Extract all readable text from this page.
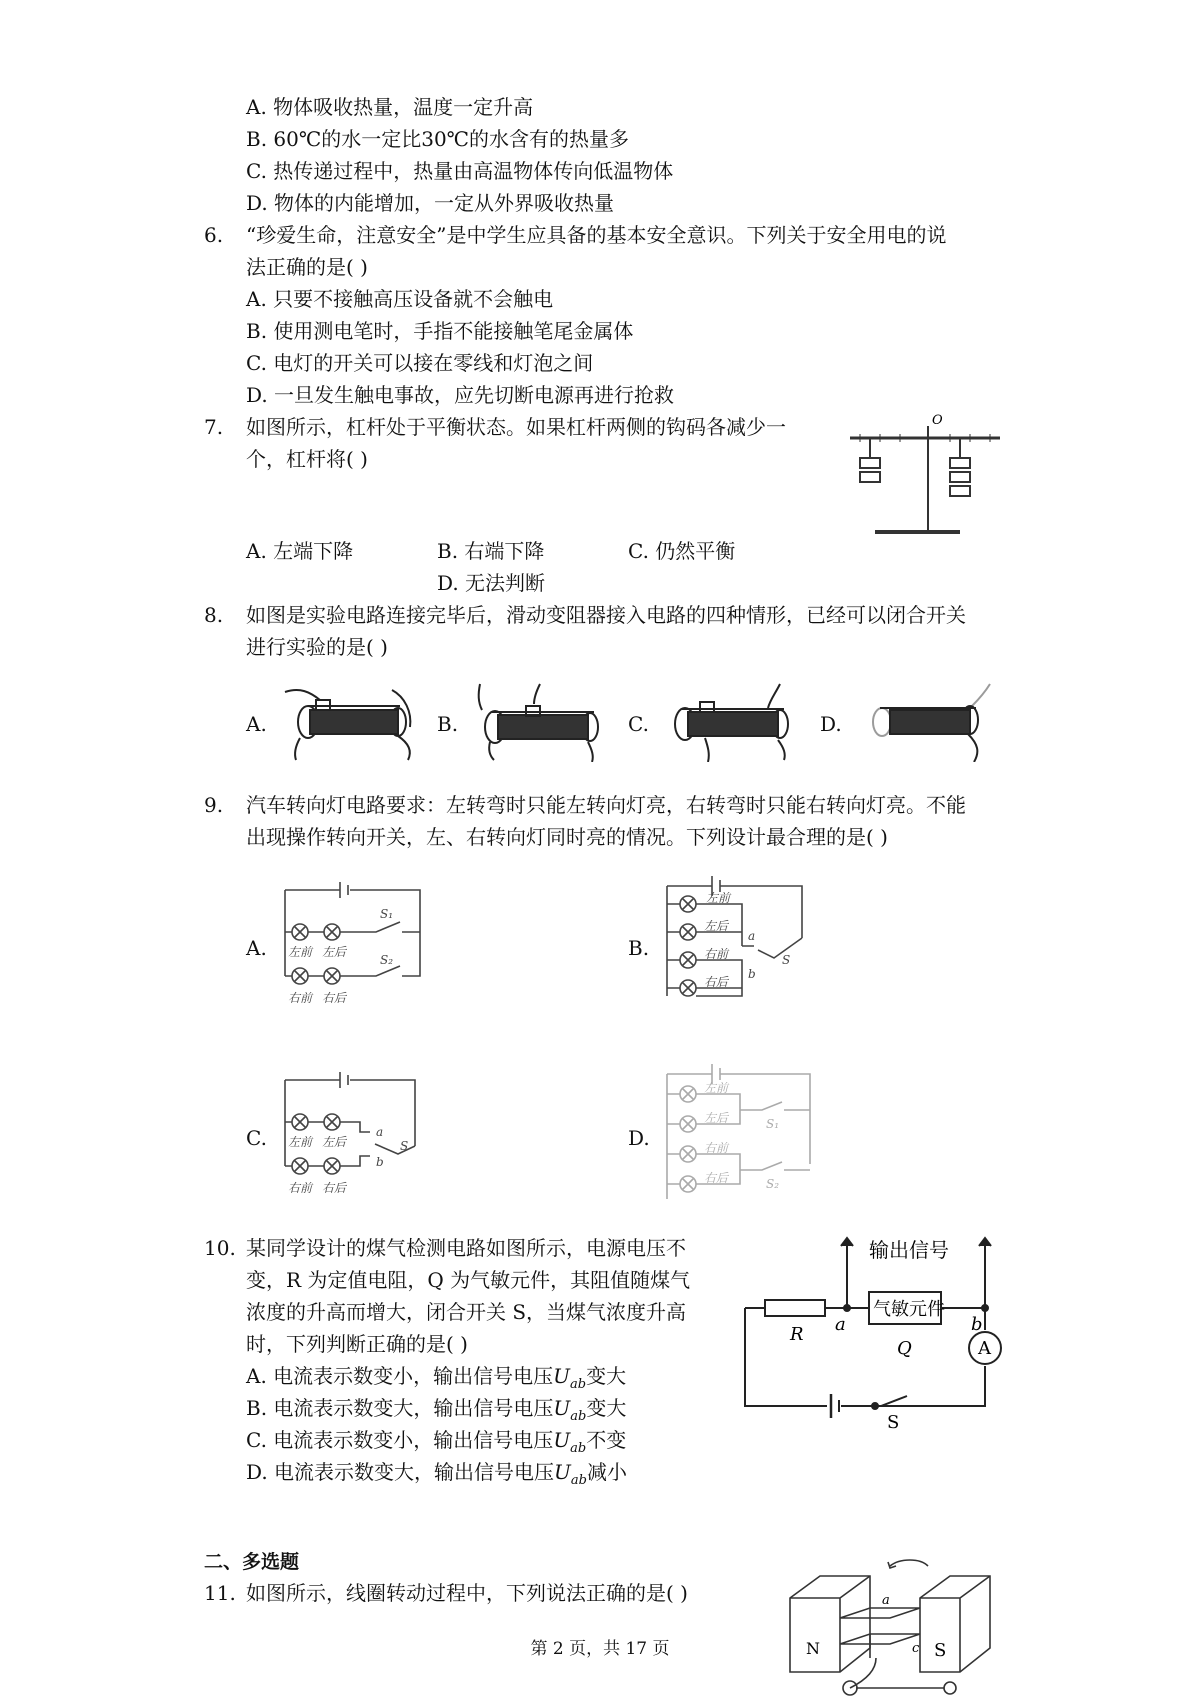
A. 物体吸收热量，温度一定升高
B. 60℃的水一定比30℃的水含有的热量多
C. 热传递过程中，热量由高温物体传向低温物体
D. 物体的内能增加，一定从外界吸收热量
6. “珍爱生命，注意安全”是中学生应具备的基本安全意识。下列关于安全用电的说
法正确的是( )
A. 只要不接触高压设备就不会触电
B. 使用测电笔时，手指不能接触笔尾金属体
C. 电灯的开关可以接在零线和灯泡之间
D. 一旦发生触电事故，应先切断电源再进行抢救
7. 如图所示，杠杆处于平衡状态。如果杠杆两侧的钩码各减少一
个，杠杆将( )
A. 左端下降	B. 右端下降	C. 仍然平衡
D. 无法判断
O
8. 如图是实验电路连接完毕后，滑动变阻器接入电路的四种情形，已经可以闭合开关
进行实验的是( )
A.	B.	C.	D.
9. 汽车转向灯电路要求：左转弯时只能左转向灯亮，右转弯时只能右转向灯亮。不能
出现操作转向开关，左、右转向灯同时亮的情况。下列设计最合理的是( )
A.	B.
C.	D.
左前 左后
右前 右后
S₁
S₂
左前
左后
右前
右后
a
S
b
左前 左后
右前 右后
a
S
b
左前
左后
右前
右后
S₁
S₂
10. 某同学设计的煤气检测电路如图所示，电源电压不
变，R 为定值电阻，Q 为气敏元件，其阻值随煤气
浓度的升高而增大，闭合开关 S，当煤气浓度升高
时，下列判断正确的是( )
A. 电流表示数变小，输出信号电压$U_{ab}$变大
B. 电流表示数变大，输出信号电压$U_{ab}$变大
C. 电流表示数变小，输出信号电压$U_{ab}$不变
D. 电流表示数变大，输出信号电压$U_{ab}$减小
输出信号
气敏元件
R a
Q
b
A
S
二、多选题
11. 如图所示，线圈转动过程中，下列说法正确的是( )
N	S
a
c
第 2 页，共 17 页
